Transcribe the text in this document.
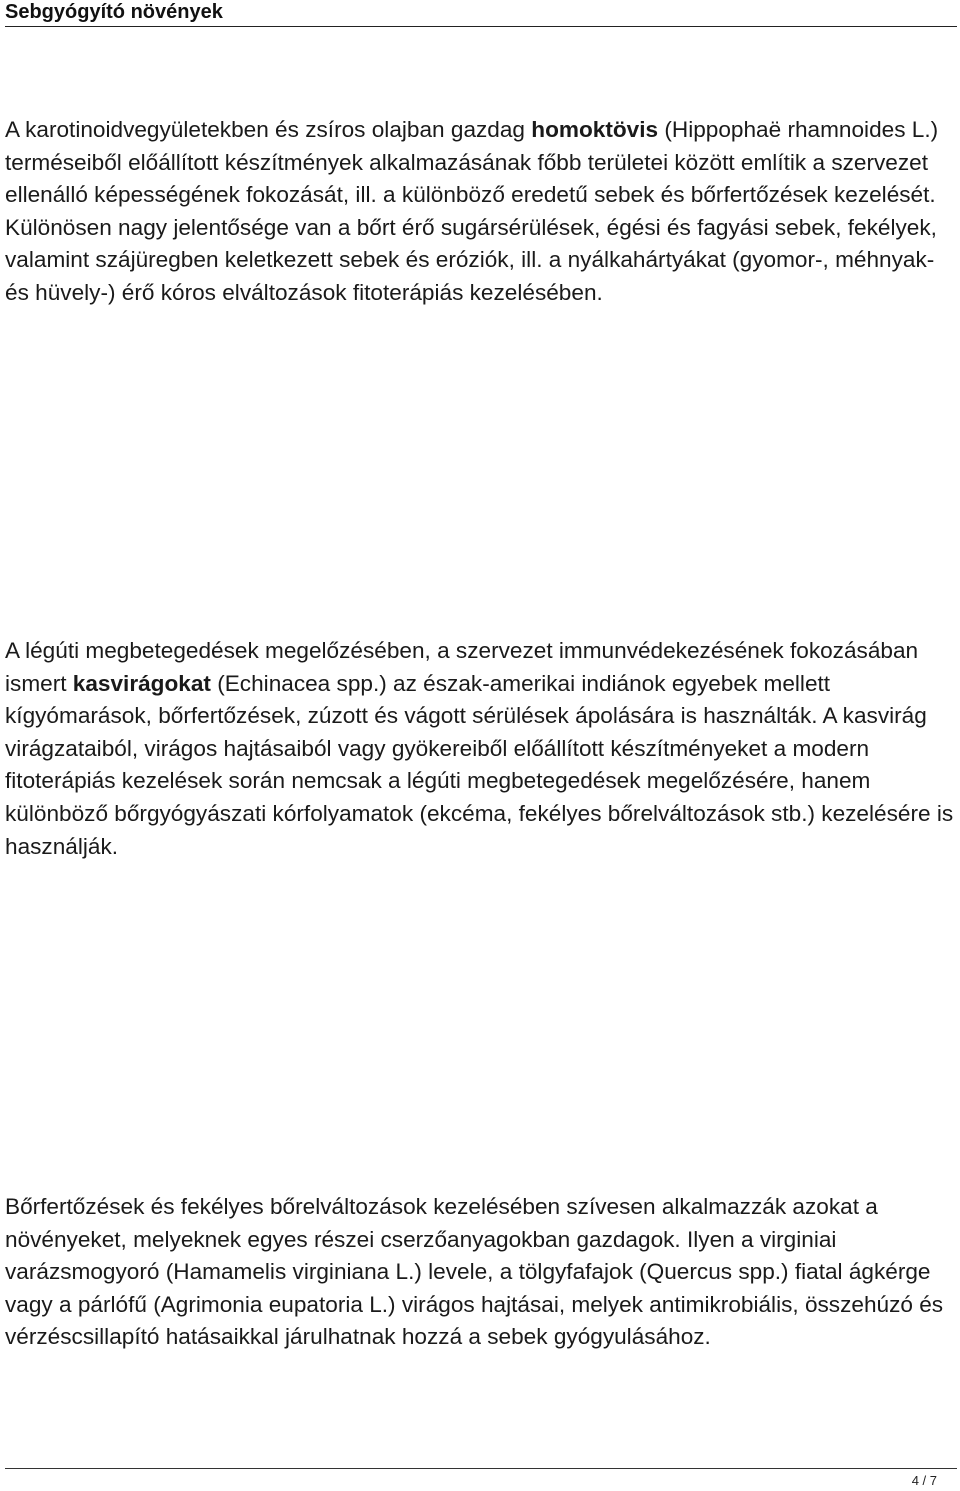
Sebgyógyító növények

A karotinoidvegyületekben és zsíros olajban gazdag homoktövis (Hippophaë rhamnoides L.) terméseiből előállított készítmények alkalmazásának főbb területei között említik a szervezet ellenálló képességének fokozását, ill. a különböző eredetű sebek és bőrfertőzések kezelését. Különösen nagy jelentősége van a bőrt érő sugársérülések, égési és fagyási sebek, fekélyek, valamint szájüregben keletkezett sebek és eróziók, ill. a nyálkahártyákat (gyomor-, méhnyak- és hüvely-) érő kóros elváltozások fitoterápiás kezelésében.

A légúti megbetegedések megelőzésében, a szervezet immunvédekezésének fokozásában ismert kasvirágokat (Echinacea spp.) az észak-amerikai indiánok egyebek mellett kígyómarások, bőrfertőzések, zúzott és vágott sérülések ápolására is használták. A kasvirág virágzataiból, virágos hajtásaiból vagy gyökereiből előállított készítményeket a modern fitoterápiás kezelések során nemcsak a légúti megbetegedések megelőzésére, hanem különböző bőrgyógyászati kórfolyamatok (ekcéma, fekélyes bőrelváltozások stb.) kezelésére is használják.

Bőrfertőzések és fekélyes bőrelváltozások kezelésében szívesen alkalmazzák azokat a növényeket, melyeknek egyes részei cserzőanyagokban gazdagok. Ilyen a virginiai varázsmogyoró (Hamamelis virginiana L.) levele, a tölgyfafajok (Quercus spp.) fiatal ágkérge vagy a párlófű (Agrimonia eupatoria L.) virágos hajtásai, melyek antimikrobiális, összehúzó és vérzéscsillapító hatásaikkal járulhatnak hozzá a sebek gyógyulásához.

4 / 7
